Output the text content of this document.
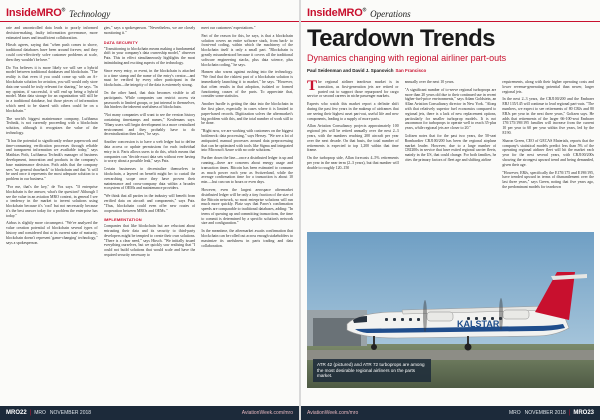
InsideMRO® Technology

rate and uncontrolled data leads to poorly informed decision-making, faulty information governance, more estimated taxes and insufficient collaboration.

Hirsch agrees, saying that "when push comes to shove, traditional databases have been around forever, and they could cost-effectively solve customer problems at scale, then they wouldn't be here."

Do Vos believes it is more likely we will see a hybrid model between traditional databases and blockchain. "The reality is that even if you could come up with an A+ blockchain solution for aviation, you will would only store data one would be truly relevant for sharing," he says. "In my opinion, if successful, it will end up being a hybrid model. Main data storage for an organization will still be in a traditional database, but those pieces of information which need to be shared with others could be on a blockchain."

The world's biggest maintenance company, Lufthansa Technik, is not currently proceeding with a blockchain solution, although it recognizes the value of the technology.

"It has the potential to significantly reduce paperwork and time-consuming verification processes through reliable and transparent information we availiable today," says Matthias Poth, Lufthansa Technik's manager of business development, innovation and products in the company's base maintenance division. Poth adds that the company sees "no general drawback" to blockchain and that "it will be used once it represents the most adequate solution to a problem in our business."

"For me, that's the key," de Vos says. "If enterprise blockchain is the answer, what's the question? Although I see the value in an aviation MRO context, in general I see a tendency in the market to invent solutions using blockchain because it's 'cool' but not necessarily because it's the best answer today for a problem the enterprise has today."

Airbus is slightly more circumspect. "We've analyzed the value creation potential of blockchain several types of history and considered that at its current state of maturity, blockchain doesn't represent 'game-changing' technology," says a spokesperson.

gies," says a spokesperson. "Nevertheless, we are closely monitoring it."

DATA SECURITY

"Transitioning to blockchain means making a fundamental shift in your company's data ownership model," observes Patz. This in effect simultaneously highlights the most intimidating and exciting aspects of the technology.

Since every entry, or event, in the blockchain is attached to a time stamp and the name of the entry's creator—and must be verified by every other participant in the blockchain—the integrity of the data is extremely strong.

On the other hand, that data becomes visible to all participants. While companies can restrict access via passwords to limited groups, or just internal to themselves, this hinders the inherent usefulness of blockchain.

"Not many companies will want to see the version history containing timestamps and names," Keulemans says. "Many users will begin development in a more centralized environment and they probably have to do decentralization then later," he says.

Another concession is to have a web ledger but to define data access or update permissions for each individual entry in it. Paris allows users to do this, which means that companies can "decide exact data sets without ever having to worry about a possible leak," says Patz.

Certain businesses to decentralize themselves in blockchain, a layered on benefit might be: to curtail the overarching scope once they have proven their maintenance and cross-company data within a broader ecosystem of OEMs and maintenance providers.

"We think that all parties in the industry will benefit from verified data on aircraft and components," says Patz. "Thus, blockchain could even offer new routes of cooperation between MROs and OEMs."

IMPLEMENTATION

Companies that like blockchain but are reluctant about entrusting their data and its security to third-party developers might be tempted to create their own solutions. "There is a clear need," says Hirsch. "We initially issued everything ourselves, but we quickly saw realising that "I could not build solutions that would scale and have the required security necessary to

meet our customers' expectations."

Part of the reason for this, he says, is that a blockchain solution covers an entire software stack, from back- to front-end coding, within which the machinery of the blockchain itself is only a small part. "Blockchain is greatly misunderstood because it covers all the traditional software engineering stacks, plus data science, plus blockchain coding," he says.

Hansen also warns against rushing into the technology. "We find that the riskiest part of a blockchain solution is immediately launching it to market," he says. "However, that often results in that adoption, isolated or formed functioning causes of the parts. To appreciate that, consider some statistics.

Another hurdle is getting the data into the blockchain in the first place, especially in cases where it is limited to paper-based records. Digitization solves the aftermarket's big problem with this, and the total number of work still to be done.

"Right now, we are working with customers on the biggest bottleneck: data processing," says Hersey. "We see a lot of antiquated, manual processes around data preprocessing that can be optimized with tools like Sigma and integrated into Microsoft Azure with no code solutions."

Further down the line—once a distributed ledger is up and running—there are concerns about energy usage and transaction times. Bitcoin has been estimated to consume as much power each year as Switzerland, while the average confirmation time for a transaction is about 10 min.—but can run to hours or even days.

However, even the largest aerospace aftermarket distributed ledger will be only a tiny fraction of the size of the Bitcoin network, so most enterprise solutions will run much more quickly. Platz says that Parov's confirmation speeds are comparable to traditional databases, adding: "In terms of queuing up and committing transactions, the time to commit is determined by a specific solution's network size and configuration."

In the meantime, the aftermarket awaits confirmation that blockchain can be rolled out across enough stakeholders to maximize its usefulness in parts trading and data collaboration.

MRO22 | MRO NOVEMBER 2018	AviationWeek.com/mro
InsideMRO® Operations
Teardown Trends
Dynamics changing with regional airliner part-outs
Paul Seidenman and David J. Spanovich San Francisco

The regional airliner teardown market is in transition, as first-generation jets are retired or parted out to support those repurposed for cargo service or second careers in niche passenger markets.

Experts who watch this market report a definite shift during the past few years in the makeup of airframes that are seeing their highest asset part-out, useful life and new components, leading to a supply of more parts.

Allan Aviation Consultancy projects approximately 100 regional jets will be retired annually over the next 2–3 years, with the numbers reaching 200 aircraft per year over the next decade. On that basis, the total number of retirements is expected to top 1,200 within that time frame.

On the turboprop side, Allan forecasts 4–5% retirements per year in the near term (2–3 years), but that number will double to roughly 120–150

annually over the next 10 years.

"A significant number of to-serve regional turboprops are more than 20 years old due to their continued use in recent higher-fuel-price environments," says Adam Goldstein, an Allan Aviation Consultancy director in New York. "Along with that relatively superior fuel economics compared to regional jets, there is a lack of new replacement options, particularly for smaller turboprop models. It is not uncommon for turboprops to operate well to reach 35-plus years, while regional jets are closer to 20."

Goltzen notes that for the past two years, the 50-seat Bombardier CRJ100/200 has been the regional airplane market leader. However, due to a large number of CRJ200s in service that have exited regional carrier fleets, mainly in the US, that could change. For both families, he cites the primary factors of fleet age and shifting airline

requirements, along with their higher operating costs and lower revenue-generating potential than newer, larger regional jets.

In the next 2–3 years, the CRJ100/200 and the Embraer ERJ 135/145 will continue to lead regional part-outs. "The numbers, we expect to see retirements of 80 CRJs and 80 ERJs per year in the next three years," Goltzen says. He adds that retirements of the larger 66-100-seat Embraer 170/175/190/195 families will increase from the current 10 per year to 60 per year within five years, led by the E190.

Sharon Green, CEO of GECAS Materials, reports that the company's statistical models predict less than 5% of the operating regional airliner fleet will hit the market each year for the next several years, with CRJ100/200s showing the strongest upward trend and being demanded, given their age.

"However, ERJs, specifically the E170/175 and E190/195, have trended upward in terms of dismantlement over the last three years," says Green, noting that five years ago, the predominant models for teardown

KALSTAR
ATR 42 (pictured) and ATR 72 turboprops are among the most desirable regional airliners on the parts market.
AviationWeek.com/mro	MRO NOVEMBER 2018 | MRO23
